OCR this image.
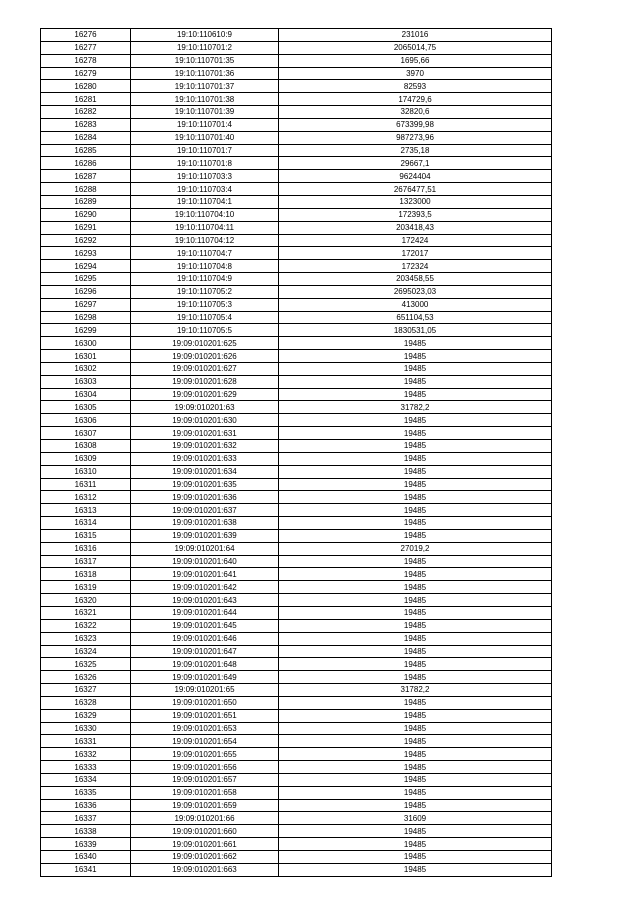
16276	19:10:110610:9	231016
16277	19:10:110701:2	2065014,75
16278	19:10:110701:35	1695,66
16279	19:10:110701:36	3970
16280	19:10:110701:37	82593
16281	19:10:110701:38	174729,6
16282	19:10:110701:39	32820,6
16283	19:10:110701:4	673399,98
16284	19:10:110701:40	987273,96
16285	19:10:110701:7	2735,18
16286	19:10:110701:8	29667,1
16287	19:10:110703:3	9624404
16288	19:10:110703:4	2676477,51
16289	19:10:110704:1	1323000
16290	19:10:110704:10	172393,5
16291	19:10:110704:11	203418,43
16292	19:10:110704:12	172424
16293	19:10:110704:7	172017
16294	19:10:110704:8	172324
16295	19:10:110704:9	203458,55
16296	19:10:110705:2	2695023,03
16297	19:10:110705:3	413000
16298	19:10:110705:4	651104,53
16299	19:10:110705:5	1830531,05
16300	19:09:010201:625	19485
16301	19:09:010201:626	19485
16302	19:09:010201:627	19485
16303	19:09:010201:628	19485
16304	19:09:010201:629	19485
16305	19:09:010201:63	31782,2
16306	19:09:010201:630	19485
16307	19:09:010201:631	19485
16308	19:09:010201:632	19485
16309	19:09:010201:633	19485
16310	19:09:010201:634	19485
16311	19:09:010201:635	19485
16312	19:09:010201:636	19485
16313	19:09:010201:637	19485
16314	19:09:010201:638	19485
16315	19:09:010201:639	19485
16316	19:09:010201:64	27019,2
16317	19:09:010201:640	19485
16318	19:09:010201:641	19485
16319	19:09:010201:642	19485
16320	19:09:010201:643	19485
16321	19:09:010201:644	19485
16322	19:09:010201:645	19485
16323	19:09:010201:646	19485
16324	19:09:010201:647	19485
16325	19:09:010201:648	19485
16326	19:09:010201:649	19485
16327	19:09:010201:65	31782,2
16328	19:09:010201:650	19485
16329	19:09:010201:651	19485
16330	19:09:010201:653	19485
16331	19:09:010201:654	19485
16332	19:09:010201:655	19485
16333	19:09:010201:656	19485
16334	19:09:010201:657	19485
16335	19:09:010201:658	19485
16336	19:09:010201:659	19485
16337	19:09:010201:66	31609
16338	19:09:010201:660	19485
16339	19:09:010201:661	19485
16340	19:09:010201:662	19485
16341	19:09:010201:663	19485
